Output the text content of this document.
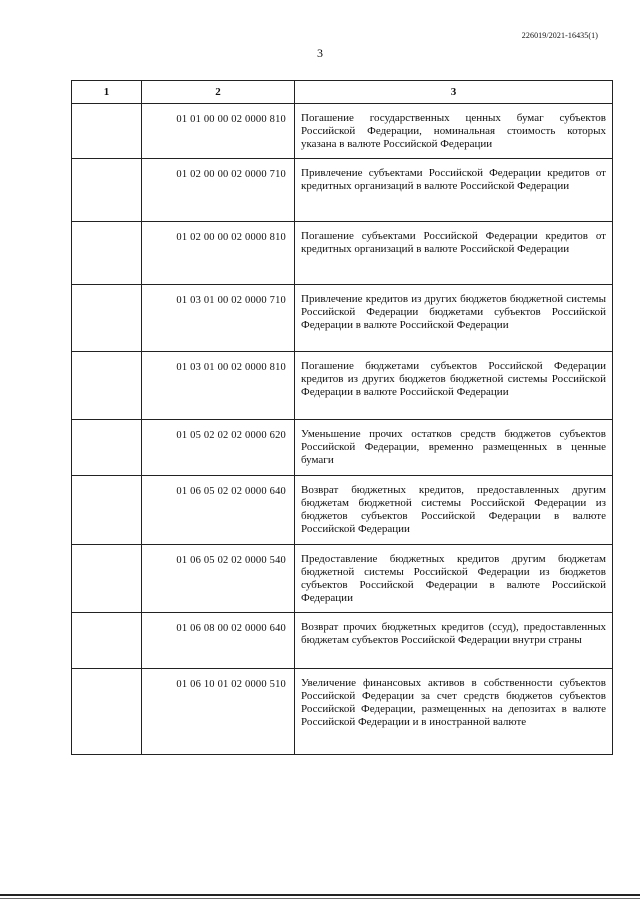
226019/2021-16435(1)
3
1	2	3
	01 01 00 00 02 0000 810	Погашение государственных ценных бумаг субъектов Российской Федерации, номинальная стоимость которых указана в валюте Российской Федерации
	01 02 00 00 02 0000 710	Привлечение субъектами Российской Федерации кредитов от кредитных организаций в валюте Российской Федерации
	01 02 00 00 02 0000 810	Погашение субъектами Российской Федерации кредитов от кредитных организаций в валюте Российской Федерации
	01 03 01 00 02 0000 710	Привлечение кредитов из других бюджетов бюджетной системы Российской Федерации бюджетами субъектов Российской Федерации в валюте Российской Федерации
	01 03 01 00 02 0000 810	Погашение бюджетами субъектов Российской Федерации кредитов из других бюджетов бюджетной системы Российской Федерации в валюте Российской Федерации
	01 05 02 02 02 0000 620	Уменьшение прочих остатков средств бюджетов субъектов Российской Федерации, временно размещенных в ценные бумаги
	01 06 05 02 02 0000 640	Возврат бюджетных кредитов, предоставленных другим бюджетам бюджетной системы Российской Федерации из бюджетов субъектов Российской Федерации в валюте Российской Федерации
	01 06 05 02 02 0000 540	Предоставление бюджетных кредитов другим бюджетам бюджетной системы Российской Федерации из бюджетов субъектов Российской Федерации в валюте Российской Федерации
	01 06 08 00 02 0000 640	Возврат прочих бюджетных кредитов (ссуд), предоставленных бюджетам субъектов Российской Федерации внутри страны
	01 06 10 01 02 0000 510	Увеличение финансовых активов в собственности субъектов Российской Федерации за счет средств бюджетов субъектов Российской Федерации, размещенных на депозитах в валюте Российской Федерации и в иностранной валюте
